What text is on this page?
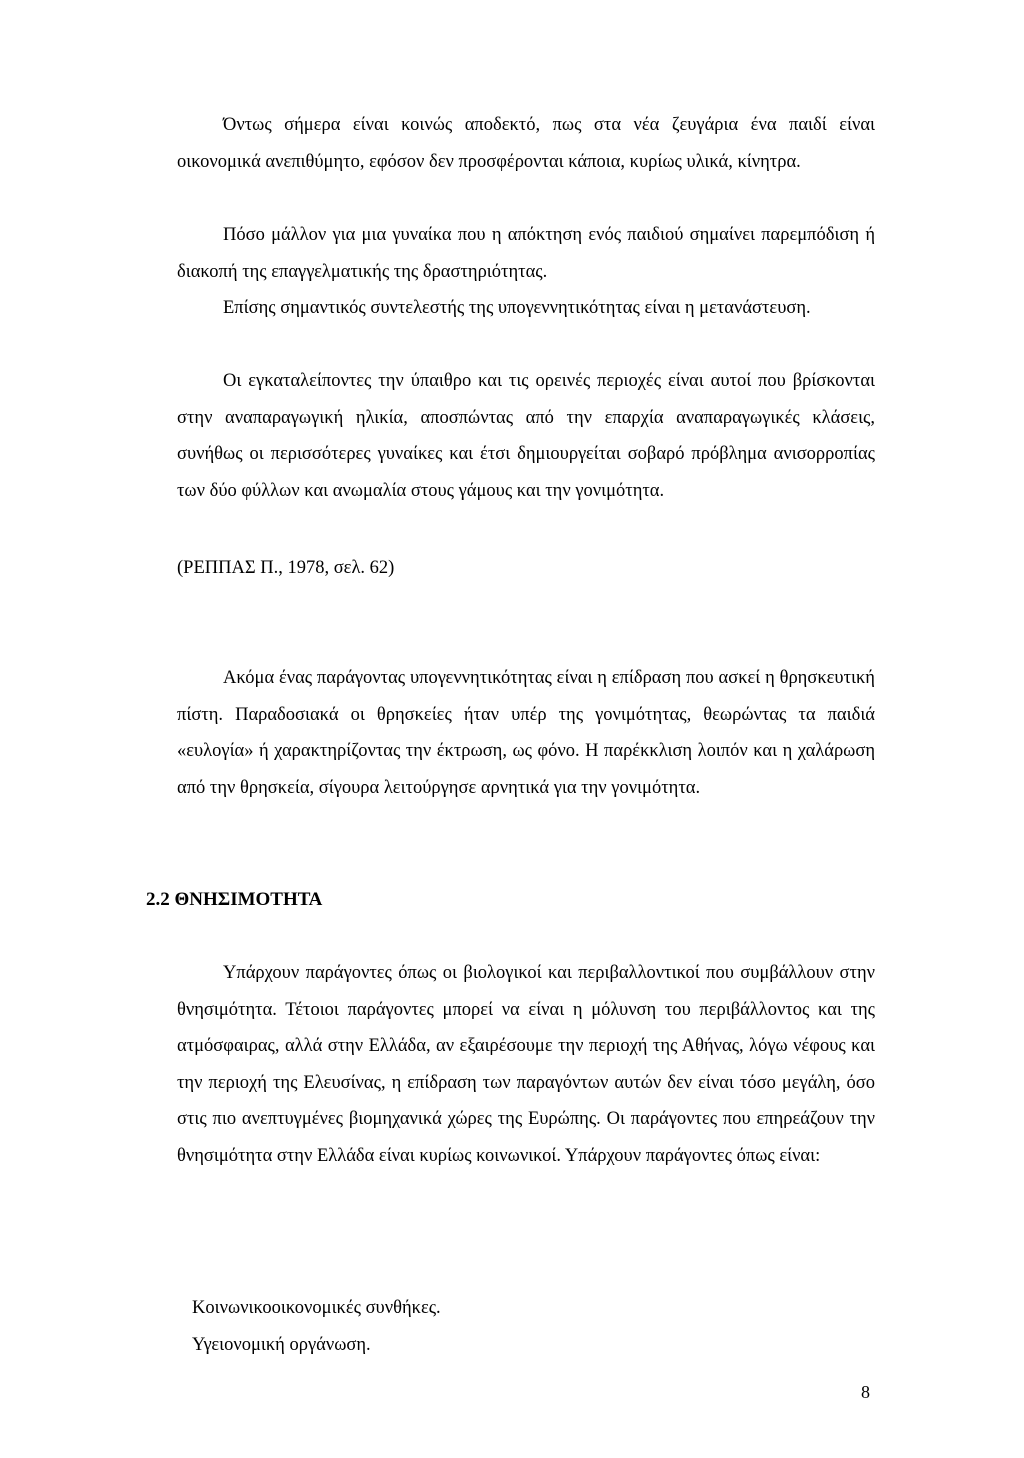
Όντως σήμερα είναι κοινώς αποδεκτό, πως στα νέα ζευγάρια ένα παιδί είναι οικονομικά ανεπιθύμητο, εφόσον δεν προσφέρονται κάποια, κυρίως υλικά, κίνητρα.

Πόσο μάλλον για μια γυναίκα που η απόκτηση ενός παιδιού σημαίνει παρεμπόδιση ή διακοπή της επαγγελματικής της δραστηριότητας.

Επίσης σημαντικός συντελεστής της υπογεννητικότητας είναι η μετανάστευση.

Οι εγκαταλείποντες την ύπαιθρο και τις ορεινές περιοχές είναι αυτοί που βρίσκονται στην αναπαραγωγική ηλικία, αποσπώντας από την επαρχία αναπαραγωγικές κλάσεις, συνήθως οι περισσότερες γυναίκες και έτσι δημιουργείται σοβαρό πρόβλημα ανισορροπίας των δύο φύλλων και ανωμαλία στους γάμους και την γονιμότητα.

(ΡΕΠΠΑΣ Π., 1978, σελ. 62)

Ακόμα ένας παράγοντας υπογεννητικότητας είναι η επίδραση που ασκεί η θρησκευτική πίστη. Παραδοσιακά οι θρησκείες ήταν υπέρ της γονιμότητας, θεωρώντας τα παιδιά «ευλογία» ή χαρακτηρίζοντας την έκτρωση, ως φόνο. Η παρέκκλιση λοιπόν και η χαλάρωση από την θρησκεία, σίγουρα λειτούργησε αρνητικά για την γονιμότητα.

2.2 ΘΝΗΣΙΜΟΤΗΤΑ

Υπάρχουν παράγοντες όπως οι βιολογικοί και περιβαλλοντικοί που συμβάλλουν στην θνησιμότητα. Τέτοιοι παράγοντες μπορεί να είναι η μόλυνση του περιβάλλοντος και της ατμόσφαιρας, αλλά στην Ελλάδα, αν εξαιρέσουμε την περιοχή της Αθήνας, λόγω νέφους και την περιοχή της Ελευσίνας, η επίδραση των παραγόντων αυτών δεν είναι τόσο μεγάλη, όσο στις πιο ανεπτυγμένες βιομηχανικά χώρες της Ευρώπης. Οι παράγοντες που επηρεάζουν την θνησιμότητα στην Ελλάδα είναι κυρίως κοινωνικοί. Υπάρχουν παράγοντες όπως είναι:

Κοινωνικοοικονομικές συνθήκες.

Υγειονομική οργάνωση.

8
